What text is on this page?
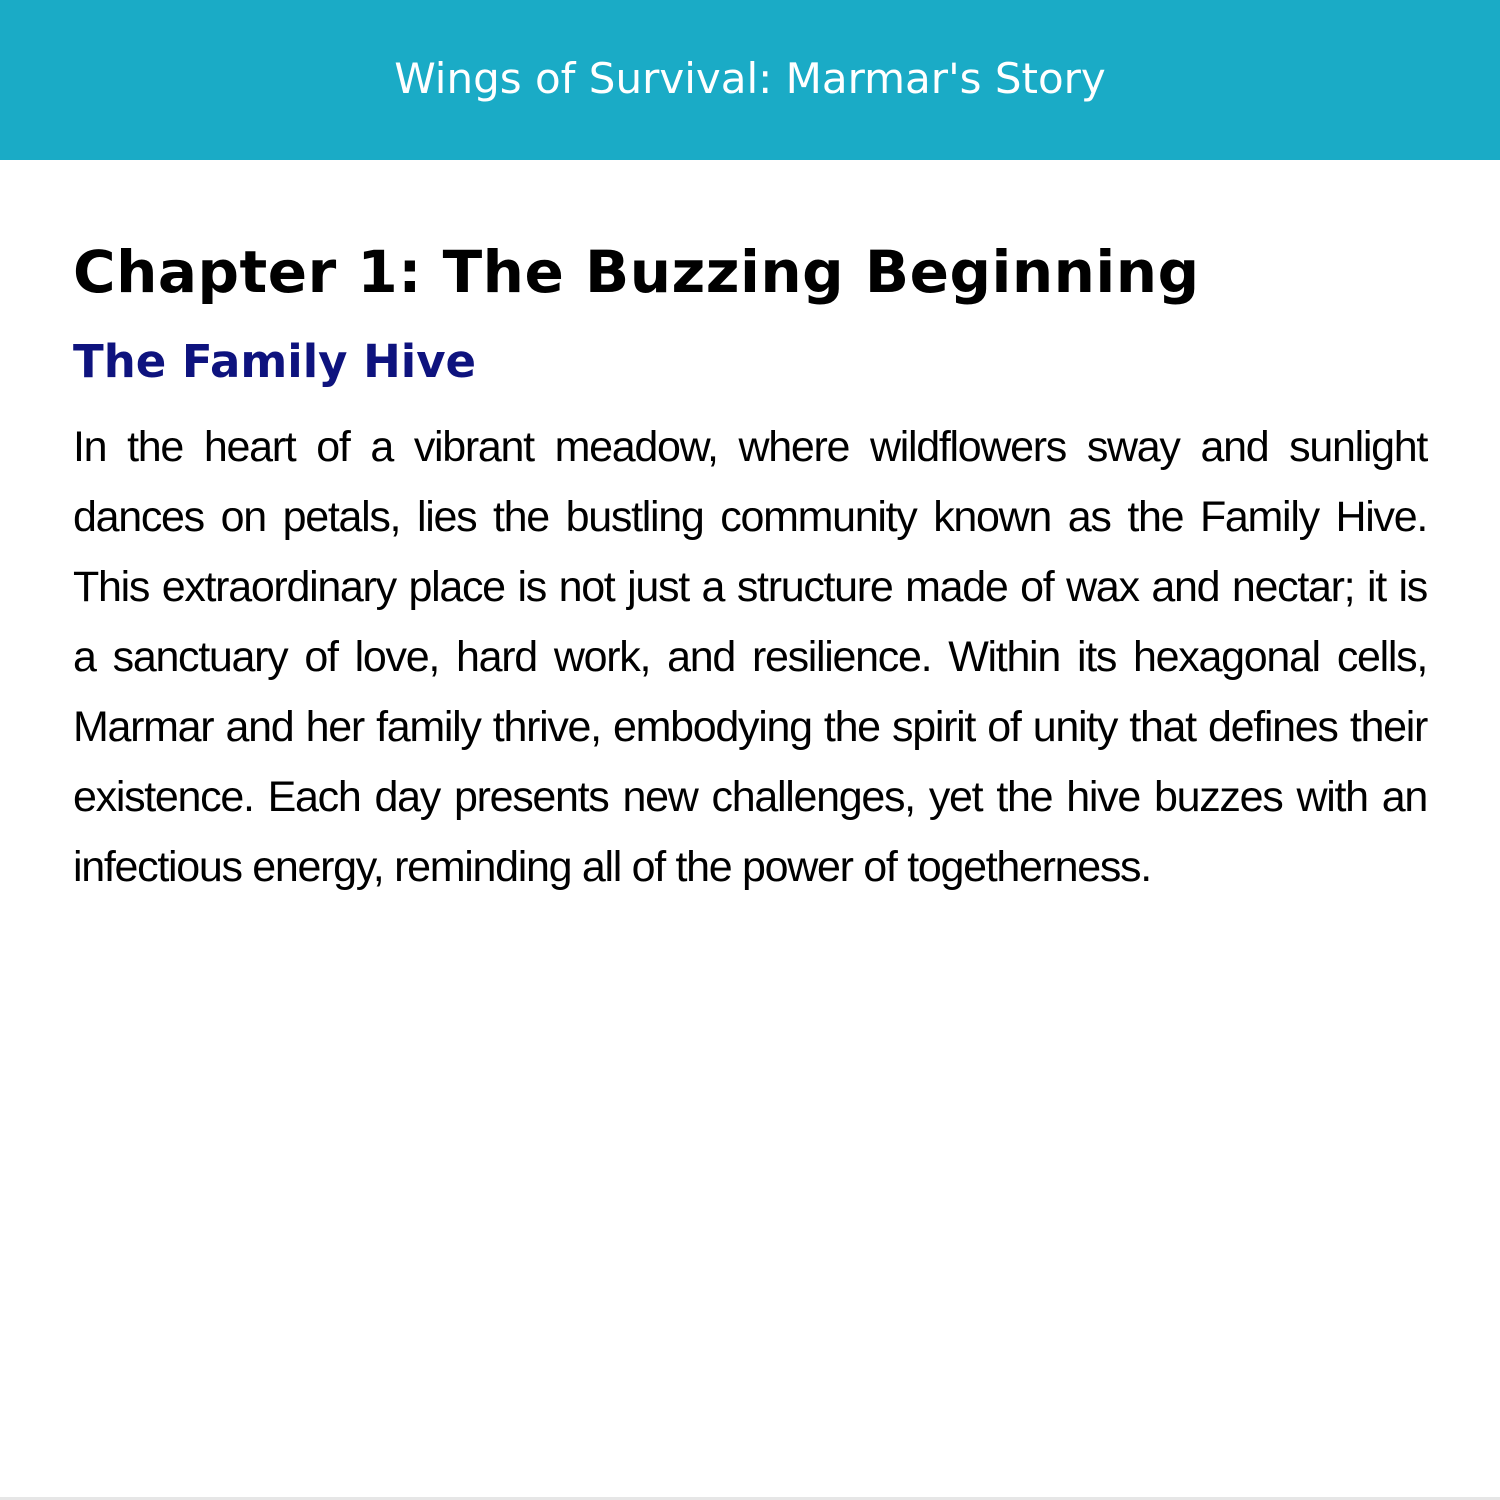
Wings of Survival: Marmar's Story
Chapter 1: The Buzzing Beginning
The Family Hive

In the heart of a vibrant meadow, where wildflowers sway and sunlight dances on petals, lies the bustling community known as the Family Hive. This extraordinary place is not just a structure made of wax and nectar; it is a sanctuary of love, hard work, and resilience. Within its hexagonal cells, Marmar and her family thrive, embodying the spirit of unity that defines their existence. Each day presents new challenges, yet the hive buzzes with an infectious energy, reminding all of the power of togetherness.
